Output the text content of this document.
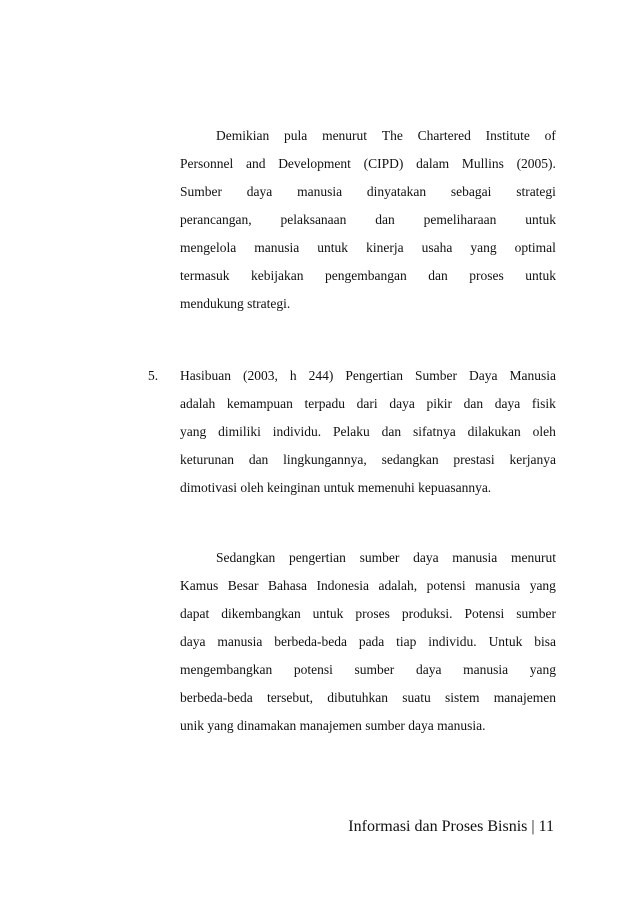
Demikian pula menurut The Chartered Institute of
Personnel and Development (CIPD) dalam Mullins (2005).
Sumber daya manusia dinyatakan sebagai strategi
perancangan, pelaksanaan dan pemeliharaan untuk
mengelola manusia untuk kinerja usaha yang optimal
termasuk kebijakan pengembangan dan proses untuk
mendukung strategi.
5. Hasibuan (2003, h 244) Pengertian Sumber Daya Manusia
adalah kemampuan terpadu dari daya pikir dan daya fisik
yang dimiliki individu. Pelaku dan sifatnya dilakukan oleh
keturunan dan lingkungannya, sedangkan prestasi kerjanya
dimotivasi oleh keinginan untuk memenuhi kepuasannya.
Sedangkan pengertian sumber daya manusia menurut
Kamus Besar Bahasa Indonesia adalah, potensi manusia yang
dapat dikembangkan untuk proses produksi. Potensi sumber
daya manusia berbeda-beda pada tiap individu. Untuk bisa
mengembangkan potensi sumber daya manusia yang
berbeda-beda tersebut, dibutuhkan suatu sistem manajemen
unik yang dinamakan manajemen sumber daya manusia.
Informasi dan Proses Bisnis | 11
